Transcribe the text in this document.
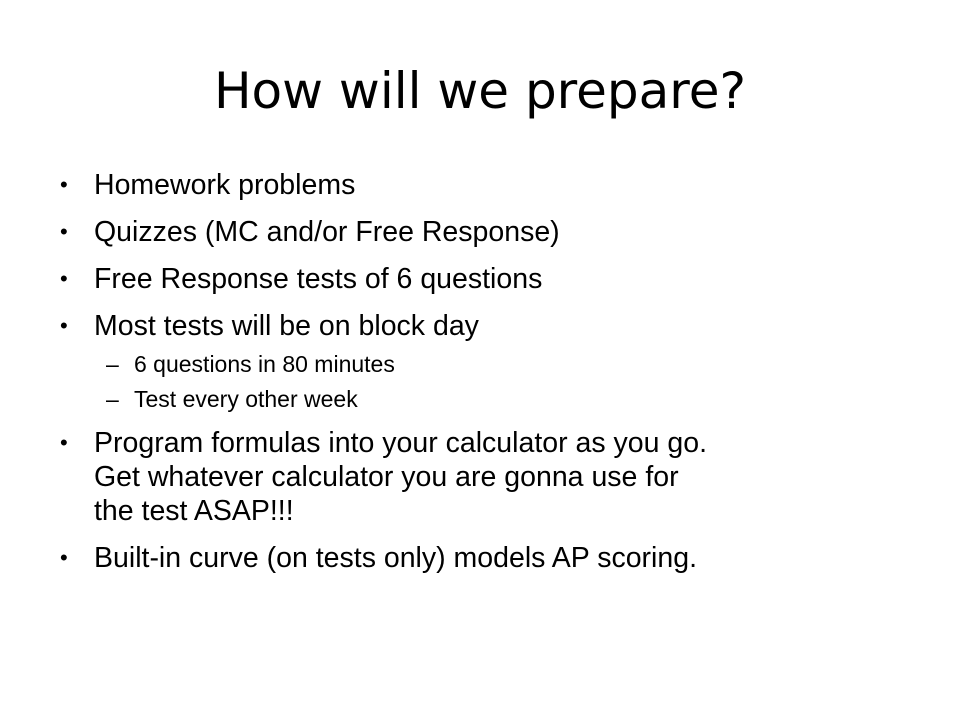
How will we prepare?
• Homework problems
• Quizzes (MC and/or Free Response)
• Free Response tests of 6 questions
• Most tests will be on block day
– 6 questions in 80 minutes
– Test every other week
• Program formulas into your calculator as you go.
Get whatever calculator you are gonna use for
the test ASAP!!!
• Built-in curve (on tests only) models AP scoring.
